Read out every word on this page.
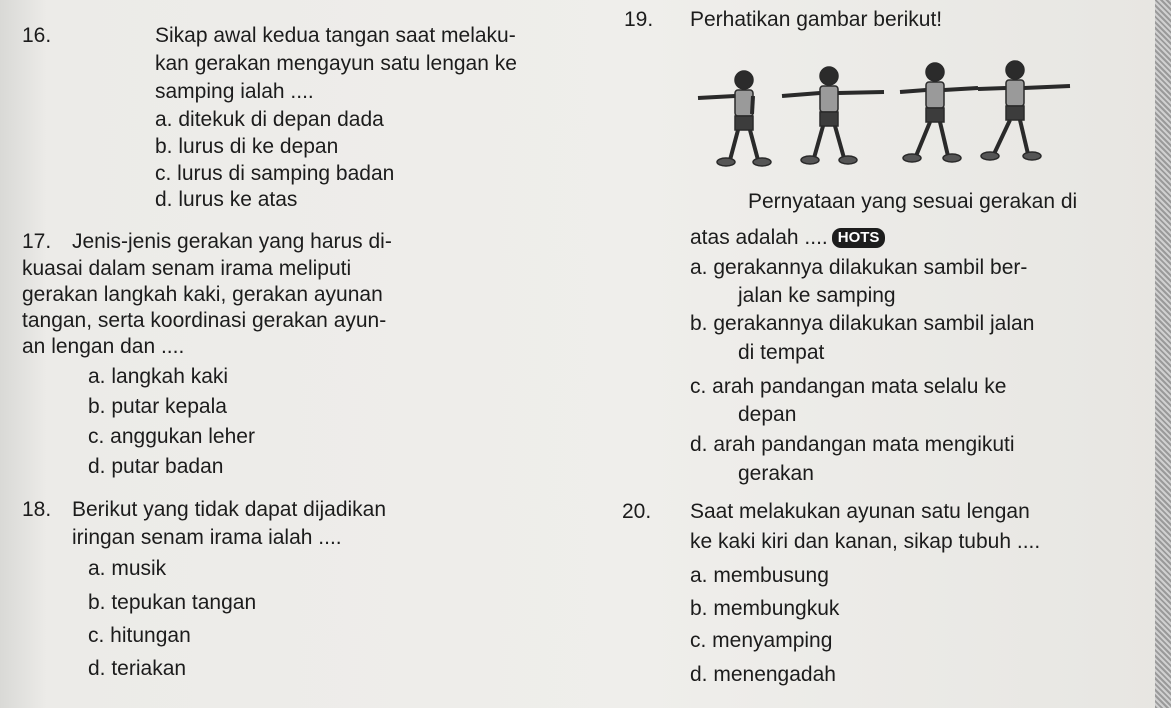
16.	Sikap awal kedua tangan saat melaku-
kan gerakan mengayun satu lengan ke
samping ialah ....
a. ditekuk di depan dada
b. lurus di ke depan
c. lurus di samping badan
d. lurus ke atas
17. Jenis-jenis gerakan yang harus di-
kuasai dalam senam irama meliputi
gerakan langkah kaki, gerakan ayunan
tangan, serta koordinasi gerakan ayun-
an lengan dan ....
a. langkah kaki
b. putar kepala
c. anggukan leher
d. putar badan
18. Berikut yang tidak dapat dijadikan
iringan senam irama ialah ....
a. musik
b. tepukan tangan
c. hitungan
d. teriakan
19. Perhatikan gambar berikut!
Pernyataan yang sesuai gerakan di
atas adalah .... HOTS
a. gerakannya dilakukan sambil ber-
jalan ke samping
b. gerakannya dilakukan sambil jalan
di tempat
c. arah pandangan mata selalu ke
depan
d. arah pandangan mata mengikuti
gerakan
20. Saat melakukan ayunan satu lengan
ke kaki kiri dan kanan, sikap tubuh ....
a. membusung
b. membungkuk
c. menyamping
d. menengadah
